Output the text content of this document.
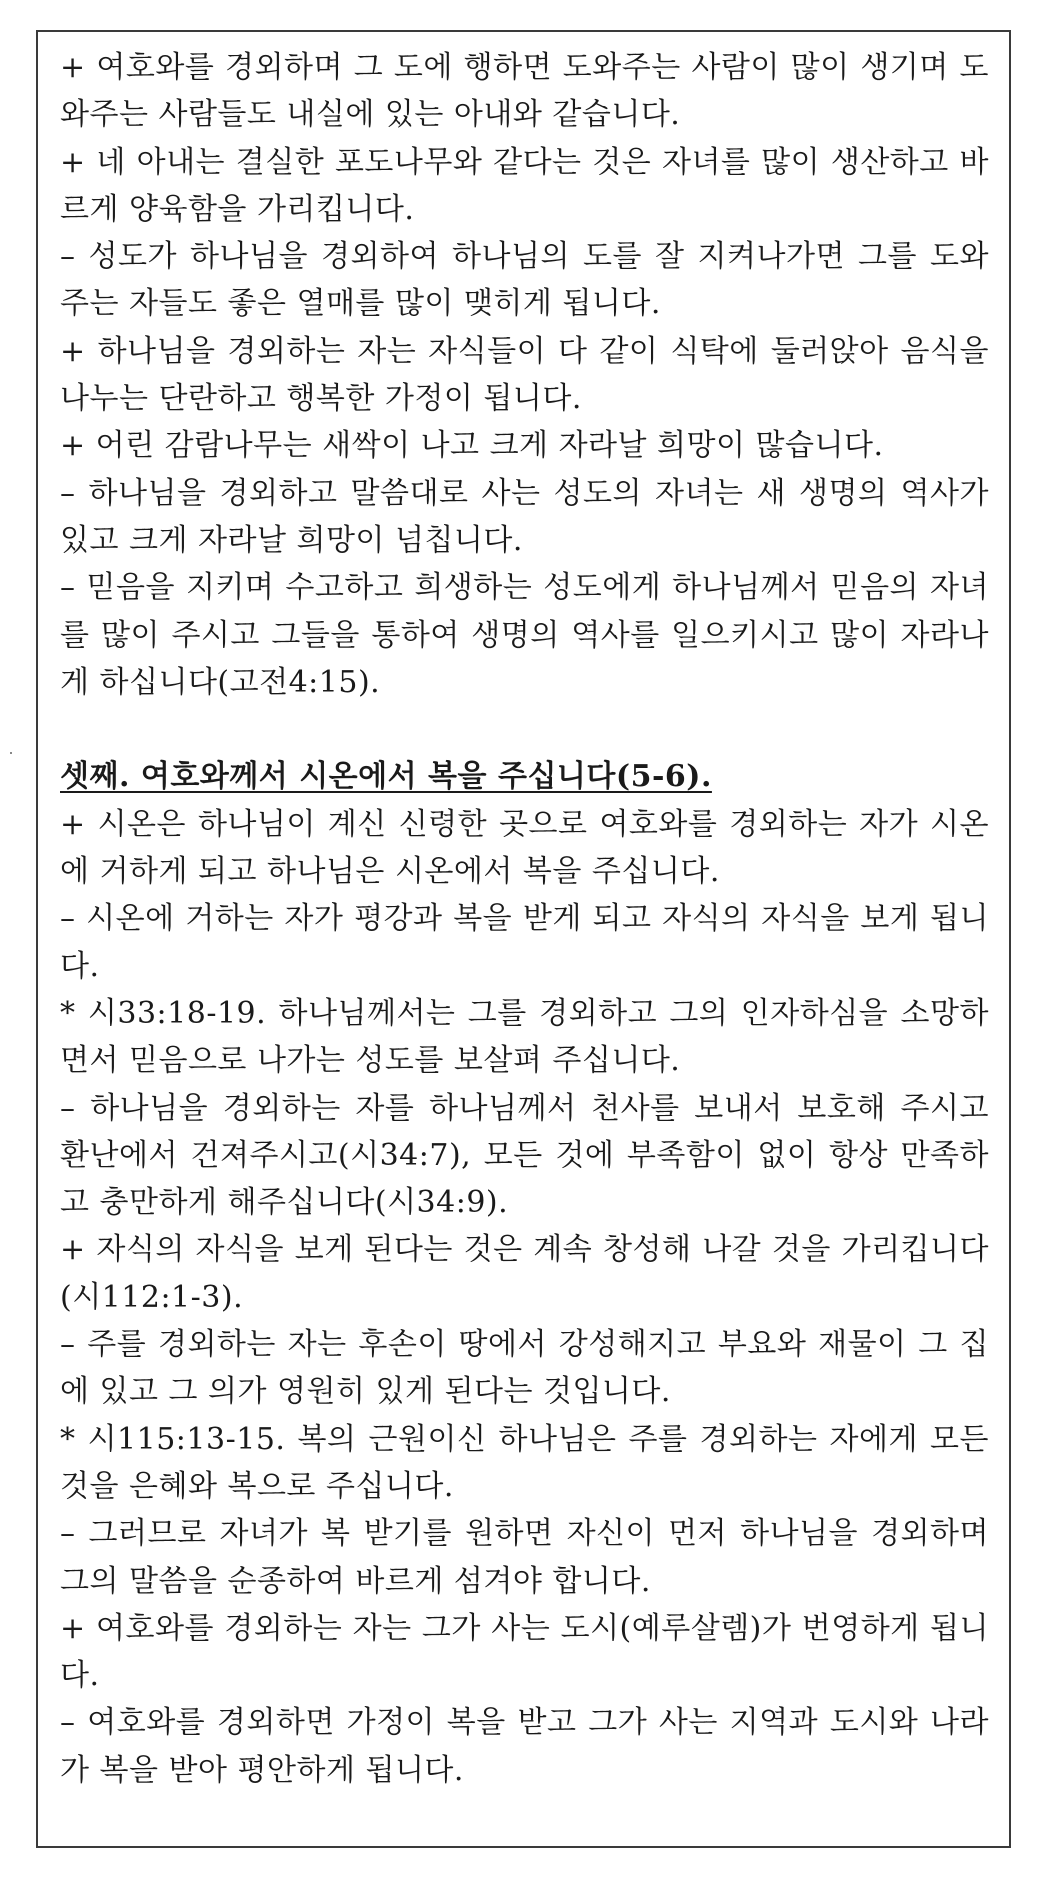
+ 여호와를 경외하며 그 도에 행하면 도와주는 사람이 많이 생기며 도와주는 사람들도 내실에 있는 아내와 같습니다.

+ 네 아내는 결실한 포도나무와 같다는 것은 자녀를 많이 생산하고 바르게 양육함을 가리킵니다.

– 성도가 하나님을 경외하여 하나님의 도를 잘 지켜나가면 그를 도와주는 자들도 좋은 열매를 많이 맺히게 됩니다.

+ 하나님을 경외하는 자는 자식들이 다 같이 식탁에 둘러앉아 음식을 나누는 단란하고 행복한 가정이 됩니다.

+ 어린 감람나무는 새싹이 나고 크게 자라날 희망이 많습니다.

– 하나님을 경외하고 말씀대로 사는 성도의 자녀는 새 생명의 역사가 있고 크게 자라날 희망이 넘칩니다.

– 믿음을 지키며 수고하고 희생하는 성도에게 하나님께서 믿음의 자녀를 많이 주시고 그들을 통하여 생명의 역사를 일으키시고 많이 자라나게 하십니다(고전4:15).

셋째. 여호와께서 시온에서 복을 주십니다(5-6).

+ 시온은 하나님이 계신 신령한 곳으로 여호와를 경외하는 자가 시온에 거하게 되고 하나님은 시온에서 복을 주십니다.

– 시온에 거하는 자가 평강과 복을 받게 되고 자식의 자식을 보게 됩니다.

* 시33:18-19. 하나님께서는 그를 경외하고 그의 인자하심을 소망하면서 믿음으로 나가는 성도를 보살펴 주십니다.

– 하나님을 경외하는 자를 하나님께서 천사를 보내서 보호해 주시고 환난에서 건져주시고(시34:7), 모든 것에 부족함이 없이 항상 만족하고 충만하게 해주십니다(시34:9).

+ 자식의 자식을 보게 된다는 것은 계속 창성해 나갈 것을 가리킵니다(시112:1-3).

– 주를 경외하는 자는 후손이 땅에서 강성해지고 부요와 재물이 그 집에 있고 그 의가 영원히 있게 된다는 것입니다.

* 시115:13-15. 복의 근원이신 하나님은 주를 경외하는 자에게 모든 것을 은혜와 복으로 주십니다.

– 그러므로 자녀가 복 받기를 원하면 자신이 먼저 하나님을 경외하며 그의 말씀을 순종하여 바르게 섬겨야 합니다.

+ 여호와를 경외하는 자는 그가 사는 도시(예루살렘)가 번영하게 됩니다.

– 여호와를 경외하면 가정이 복을 받고 그가 사는 지역과 도시와 나라가 복을 받아 평안하게 됩니다.
